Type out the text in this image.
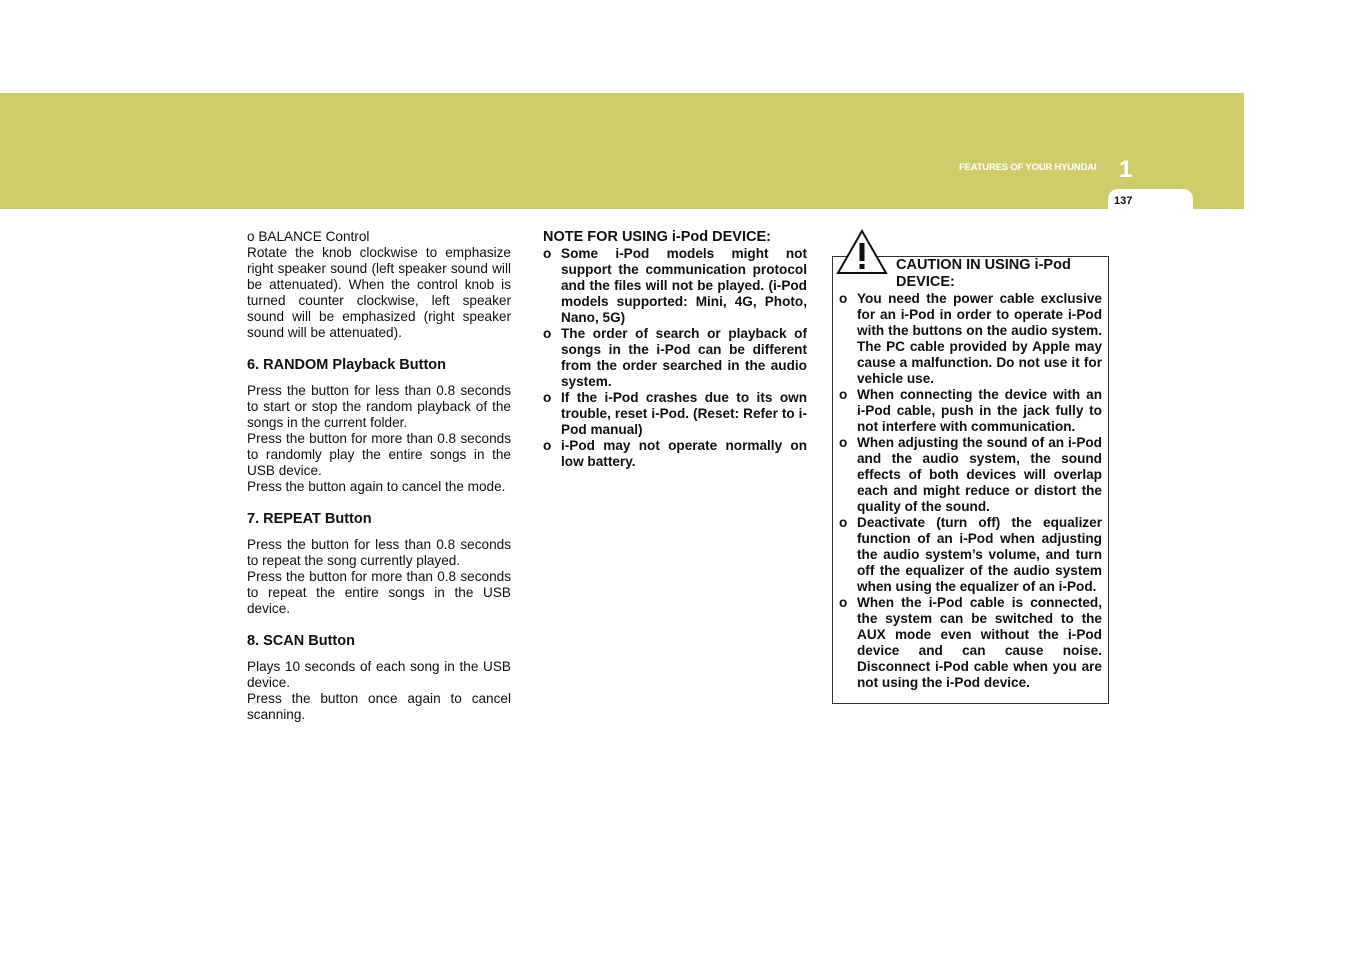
FEATURES OF YOUR HYUNDAI 1
137

o BALANCE Control

Rotate the knob clockwise to emphasize right speaker sound (left speaker sound will be attenuated). When the control knob is turned counter clockwise, left speaker sound will be emphasized (right speaker sound will be attenuated).

6. RANDOM Playback Button

Press the button for less than 0.8 seconds to start or stop the random playback of the songs in the current folder.

Press the button for more than 0.8 seconds to randomly play the entire songs in the USB device.

Press the button again to cancel the mode.

7. REPEAT Button

Press the button for less than 0.8 seconds to repeat the song currently played.

Press the button for more than 0.8 seconds to repeat the entire songs in the USB device.

8. SCAN Button

Plays 10 seconds of each song in the USB device.

Press the button once again to cancel scanning.

NOTE FOR USING i-Pod DEVICE:

o Some i-Pod models might not support the communication protocol and the files will not be played. (i-Pod models supported: Mini, 4G, Photo, Nano, 5G)
o The order of search or playback of songs in the i-Pod can be different from the order searched in the audio system.
o If the i-Pod crashes due to its own trouble, reset i-Pod. (Reset: Refer to i-Pod manual)
o i-Pod may not operate normally on low battery.
CAUTION IN USING i-Pod DEVICE:
o You need the power cable exclusive for an i-Pod in order to operate i-Pod with the buttons on the audio system. The PC cable provided by Apple may cause a malfunction. Do not use it for vehicle use.
o When connecting the device with an i-Pod cable, push in the jack fully to not interfere with communication.
o When adjusting the sound of an i-Pod and the audio system, the sound effects of both devices will overlap each and might reduce or distort the quality of the sound.
o Deactivate (turn off) the equalizer function of an i-Pod when adjusting the audio system’s volume, and turn off the equalizer of the audio system when using the equalizer of an i-Pod.
o When the i-Pod cable is connected, the system can be switched to the AUX mode even without the i-Pod device and can cause noise. Disconnect i-Pod cable when you are not using the i-Pod device.
